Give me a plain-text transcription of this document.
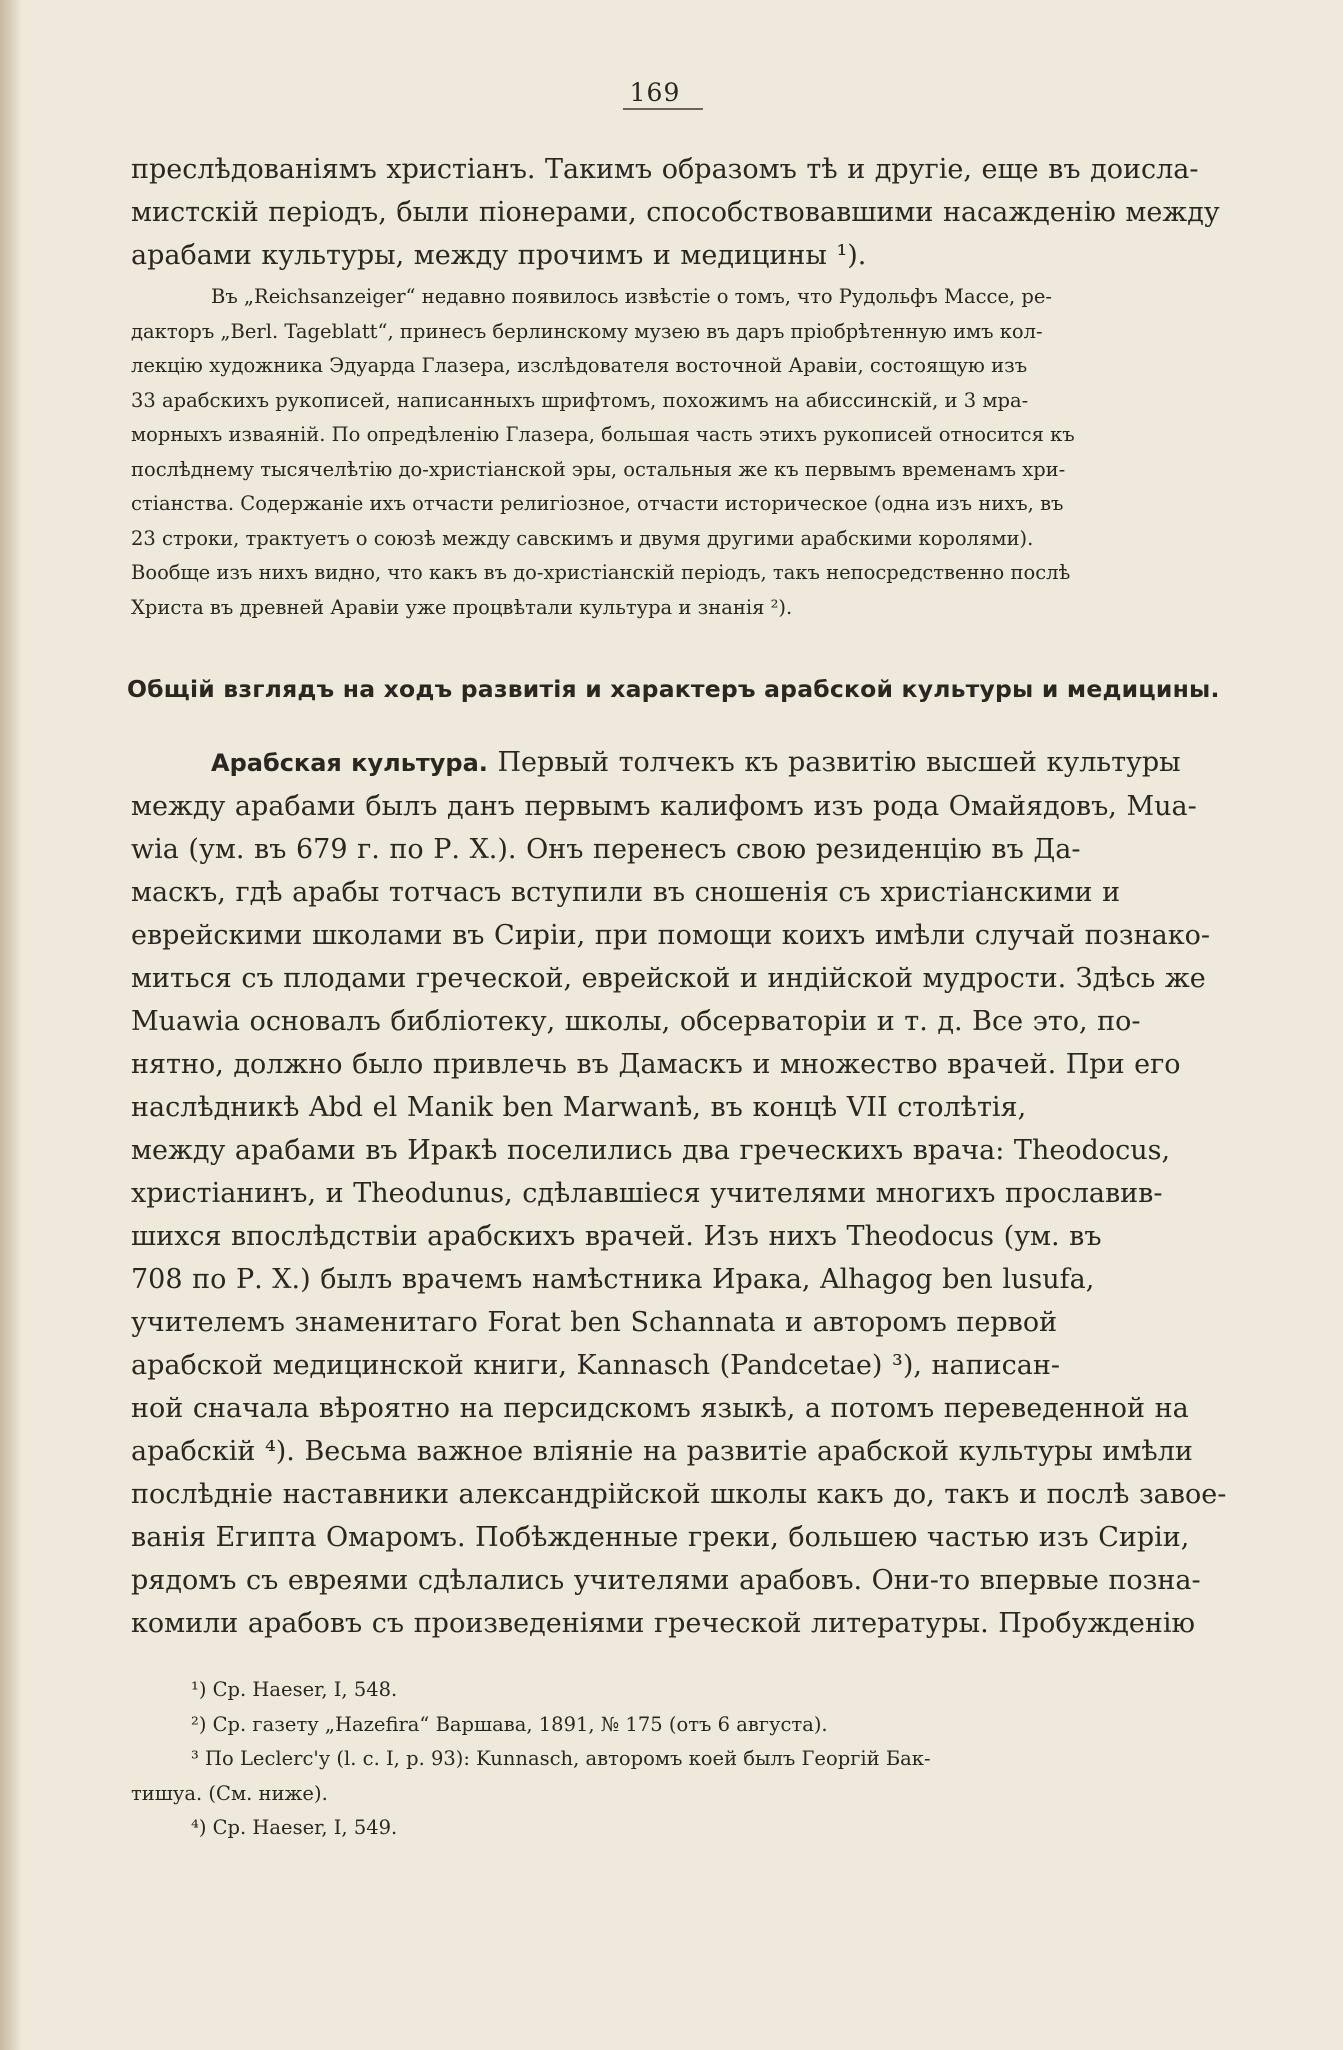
169

преслѣдованіямъ христіанъ. Такимъ образомъ тѣ и другіе, еще въ доисла-
мистскій періодъ, были піонерами, способствовавшими насажденію между
арабами культуры, между прочимъ и медицины ¹).

Въ „Reichsanzeiger“ недавно появилось извѣстіе о томъ, что Рудольфъ Массе, ре-
дакторъ „Berl. Tageblatt“, принесъ берлинскому музею въ даръ пріобрѣтенную имъ кол-
лекцію художника Эдуарда Глазера, изслѣдователя восточной Аравіи, состоящую изъ
33 арабскихъ рукописей, написанныхъ шрифтомъ, похожимъ на абиссинскій, и 3 мра-
морныхъ изваяній. По опредѣленію Глазера, большая часть этихъ рукописей относится къ
послѣднему тысячелѣтію до-христіанской эры, остальныя же къ первымъ временамъ хри-
стіанства. Содержаніе ихъ отчасти религіозное, отчасти историческое (одна изъ нихъ, въ
23 строки, трактуетъ о союзѣ между савскимъ и двумя другими арабскими королями).
Вообще изъ нихъ видно, что какъ въ до-христіанскій періодъ, такъ непосредственно послѣ
Христа въ древней Аравіи уже процвѣтали культура и знанія ²).

Общій взглядъ на ходъ развитія и характеръ арабской культуры и медицины.

Арабская культура. Первый толчекъ къ развитію высшей культуры
между арабами былъ данъ первымъ калифомъ изъ рода Омайядовъ, Muа-
wia (ум. въ 679 г. по Р. Х.). Онъ перенесъ свою резиденцію въ Да-
маскъ, гдѣ арабы тотчасъ вступили въ сношенія съ христіанскими и
еврейскими школами въ Сиріи, при помощи коихъ имѣли случай познако-
миться съ плодами греческой, еврейской и индійской мудрости. Здѣсь же
Muawia основалъ библіотеку, школы, обсерваторіи и т. д. Все это, по-
нятно, должно было привлечь въ Дамаскъ и множество врачей. При его
наслѣдникѣ Abd el Manik ben Marwanѣ, въ концѣ VII столѣтія,
между арабами въ Иракѣ поселились два греческихъ врача: Theodocus,
христіанинъ, и Theodunus, сдѣлавшіеся учителями многихъ прославив-
шихся впослѣдствіи арабскихъ врачей. Изъ нихъ Theodocus (ум. въ
708 по Р. Х.) былъ врачемъ намѣстника Ирака, Alhagog ben lusufа,
учителемъ знаменитаго Forat ben Schannata и авторомъ первой
арабской медицинской книги, Kannasch (Pandcetae) ³), написан-
ной сначала вѣроятно на персидскомъ языкѣ, а потомъ переведенной на
арабскій ⁴). Весьма важное вліяніе на развитіе арабской культуры имѣли
послѣдніе наставники александрійской школы какъ до, такъ и послѣ завое-
ванія Египта Омаромъ. Побѣжденные греки, большею частью изъ Сиріи,
рядомъ съ евреями сдѣлались учителями арабовъ. Они-то впервые позна-
комили арабовъ съ произведеніями греческой литературы. Пробужденію

¹) Ср. Haeser, I, 548.
²) Ср. газету „Hazefira“ Варшава, 1891, № 175 (отъ 6 августа).
³ По Leclerc'у (l. c. I, р. 93): Kunnasch, авторомъ коей былъ Георгій Бак-
тишуа. (См. ниже).
⁴) Ср. Haeser, I, 549.
